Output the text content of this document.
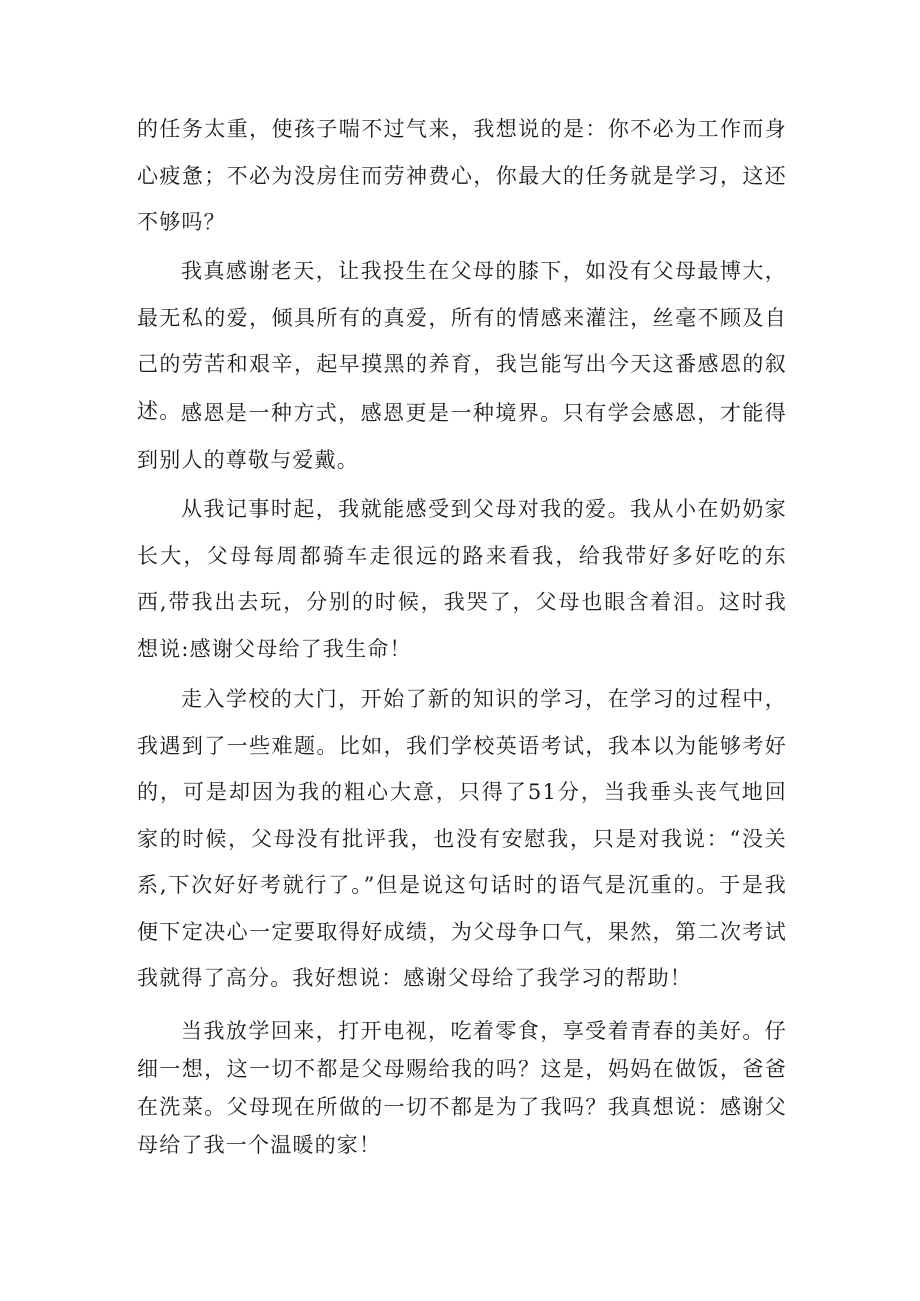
的任务太重，使孩子喘不过气来，我想说的是：你不必为工作而身心疲惫；不必为没房住而劳神费心，你最大的任务就是学习，这还不够吗？

我真感谢老天，让我投生在父母的膝下，如没有父母最博大，最无私的爱，倾具所有的真爱，所有的情感来灌注，丝毫不顾及自己的劳苦和艰辛，起早摸黑的养育，我岂能写出今天这番感恩的叙述。 感恩是一种方式，感恩更是一种境界。只有学会感恩，才能得到别人的尊敬与爱戴。

从我记事时起，我就能感受到父母对我的爱。我从小在奶奶家长大，父母每周都骑车走很远的路来看我，给我带好多好吃的东西,带我出去玩，分别的时候，我哭了，父母也眼含着泪。这时我想说:感谢父母给了我生命！

走入学校的大门，开始了新的知识的学习，在学习的过程中，我遇到了一些难题。比如，我们学校英语考试，我本以为能够考好的，可是却因为我的粗心大意，只得了51分，当我垂头丧气地回家的时候，父母没有批评我，也没有安慰我，只是对我说：“没关系,下次好好考就行了。”但是说这句话时的语气是沉重的。于是我便下定决心一定要取得好成绩，为父母争口气，果然，第二次考试我就得了高分。我好想说：感谢父母给了我学习的帮助！

当我放学回来，打开电视，吃着零食，享受着青春的美好。仔细一想，这一切不都是父母赐给我的吗？这是，妈妈在做饭，爸爸在洗菜。父母现在所做的一切不都是为了我吗？我真想说：感谢父母给了我一个温暖的家！
